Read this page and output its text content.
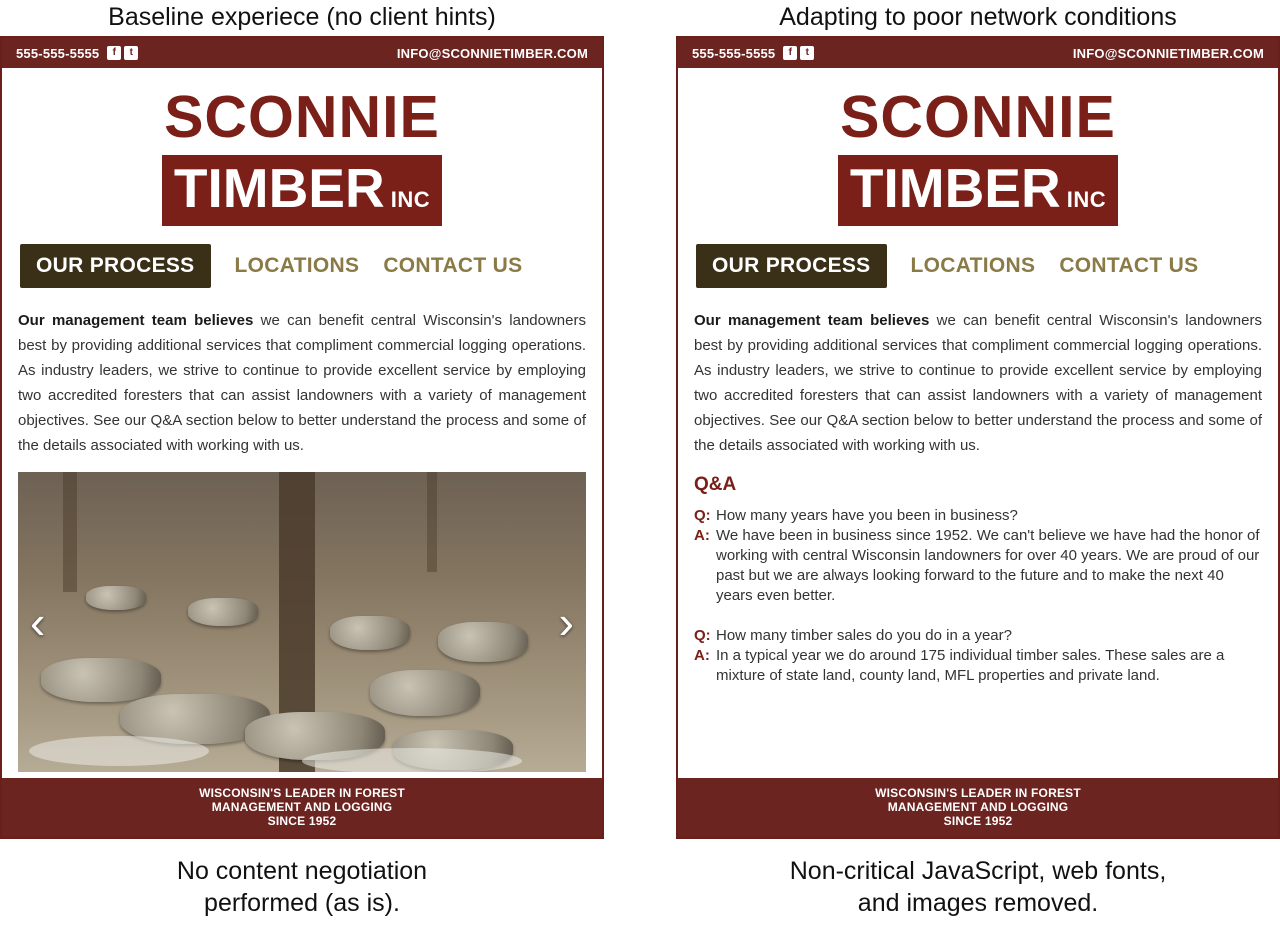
Baseline experiece (no client hints)
555-555-5555	f	t	INFO@SCONNIETIMBER.COM
SCONNIE
TIMBER INC
OUR PROCESS	LOCATIONS CONTACT US
Our management team believes we can benefit central Wisconsin's landowners best by providing additional services that compliment commercial logging operations. As industry leaders, we strive to continue to provide excellent service by employing two accredited foresters that can assist landowners with a variety of management objectives. See our Q&A section below to better understand the process and some of the details associated with working with us.
‹	›
WISCONSIN'S LEADER IN FOREST
MANAGEMENT AND LOGGING
SINCE 1952
No content negotiation
performed (as is).
Adapting to poor network conditions
555-555-5555	f	t	INFO@SCONNIETIMBER.COM
SCONNIE
TIMBER INC
OUR PROCESS	LOCATIONS CONTACT US
Our management team believes we can benefit central Wisconsin's landowners best by providing additional services that compliment commercial logging operations. As industry leaders, we strive to continue to provide excellent service by employing two accredited foresters that can assist landowners with a variety of management objectives. See our Q&A section below to better understand the process and some of the details associated with working with us.
Q&A
Q: How many years have you been in business?
A: We have been in business since 1952. We can't believe we have had the honor of working with central Wisconsin landowners for over 40 years. We are proud of our past but we are always looking forward to the future and to make the next 40 years even better.
Q: How many timber sales do you do in a year?
A: In a typical year we do around 175 individual timber sales. These sales are a mixture of state land, county land, MFL properties and private land.
WISCONSIN'S LEADER IN FOREST
MANAGEMENT AND LOGGING
SINCE 1952
Non-critical JavaScript, web fonts,
and images removed.
